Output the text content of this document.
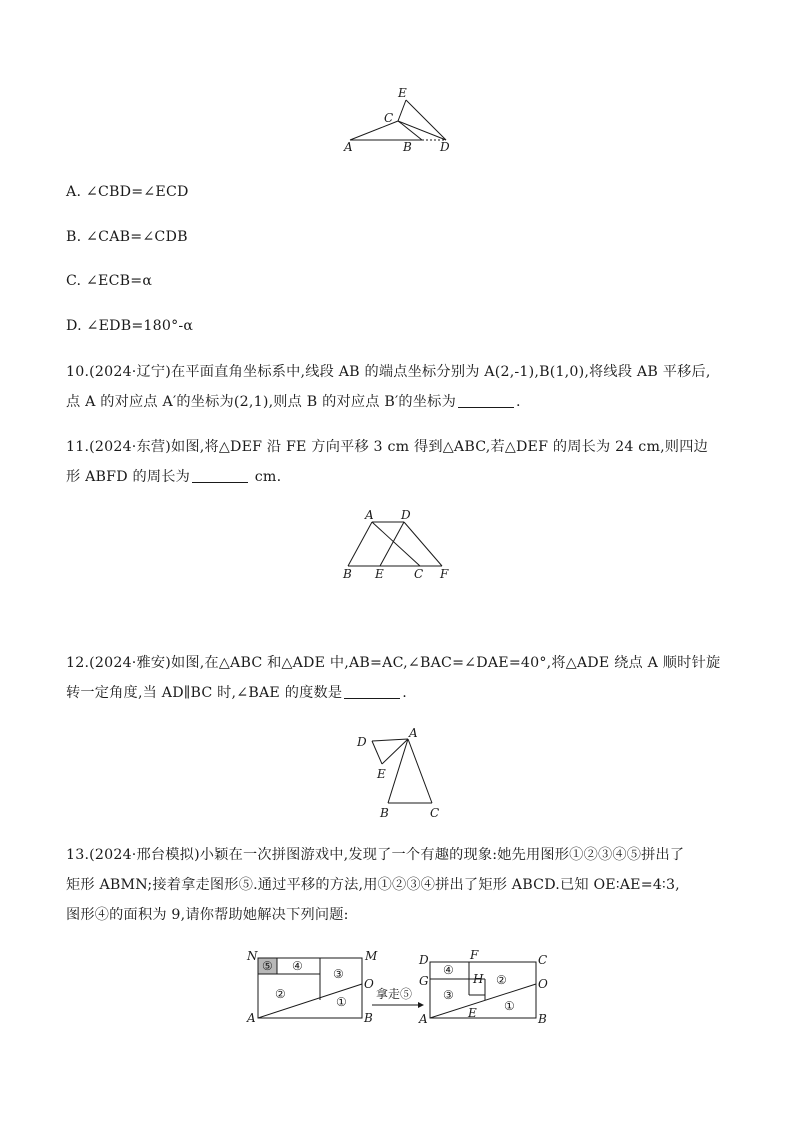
E
C
A	B D
A. ∠CBD=∠ECD
B. ∠CAB=∠CDB
C. ∠ECB=α
D. ∠EDB=180°-α
10.(2024·辽宁)在平面直角坐标系中,线段 AB 的端点坐标分别为 A(2,-1),B(1,0),将线段 AB 平移后,
点 A 的对应点 A′的坐标为(2,1),则点 B 的对应点 B′的坐标为	.
11.(2024·东营)如图,将△DEF 沿 FE 方向平移 3 cm 得到△ABC,若△DEF 的周长为 24 cm,则四边
形 ABFD 的周长为	cm.
A D
B E	C F
12.(2024·雅安)如图,在△ABC 和△ADE 中,AB=AC,∠BAC=∠DAE=40°,将△ADE 绕点 A 顺时针旋
转一定角度,当 AD∥BC 时,∠BAE 的度数是	.
D
A
E
B	C
13.(2024·邢台模拟)小颖在一次拼图游戏中,发现了一个有趣的现象:她先用图形①②③④⑤拼出了
矩形 ABMN;接着拿走图形⑤.通过平移的方法,用①②③④拼出了矩形 ABCD.已知 OE∶AE=4∶3,
图形④的面积为 9,请你帮助她解决下列问题:
⑤ ④
③
②
①
N	M
O
A	B
拿走⑤
④
③
②
①
D	F	C
G	H	O
A	E	B
